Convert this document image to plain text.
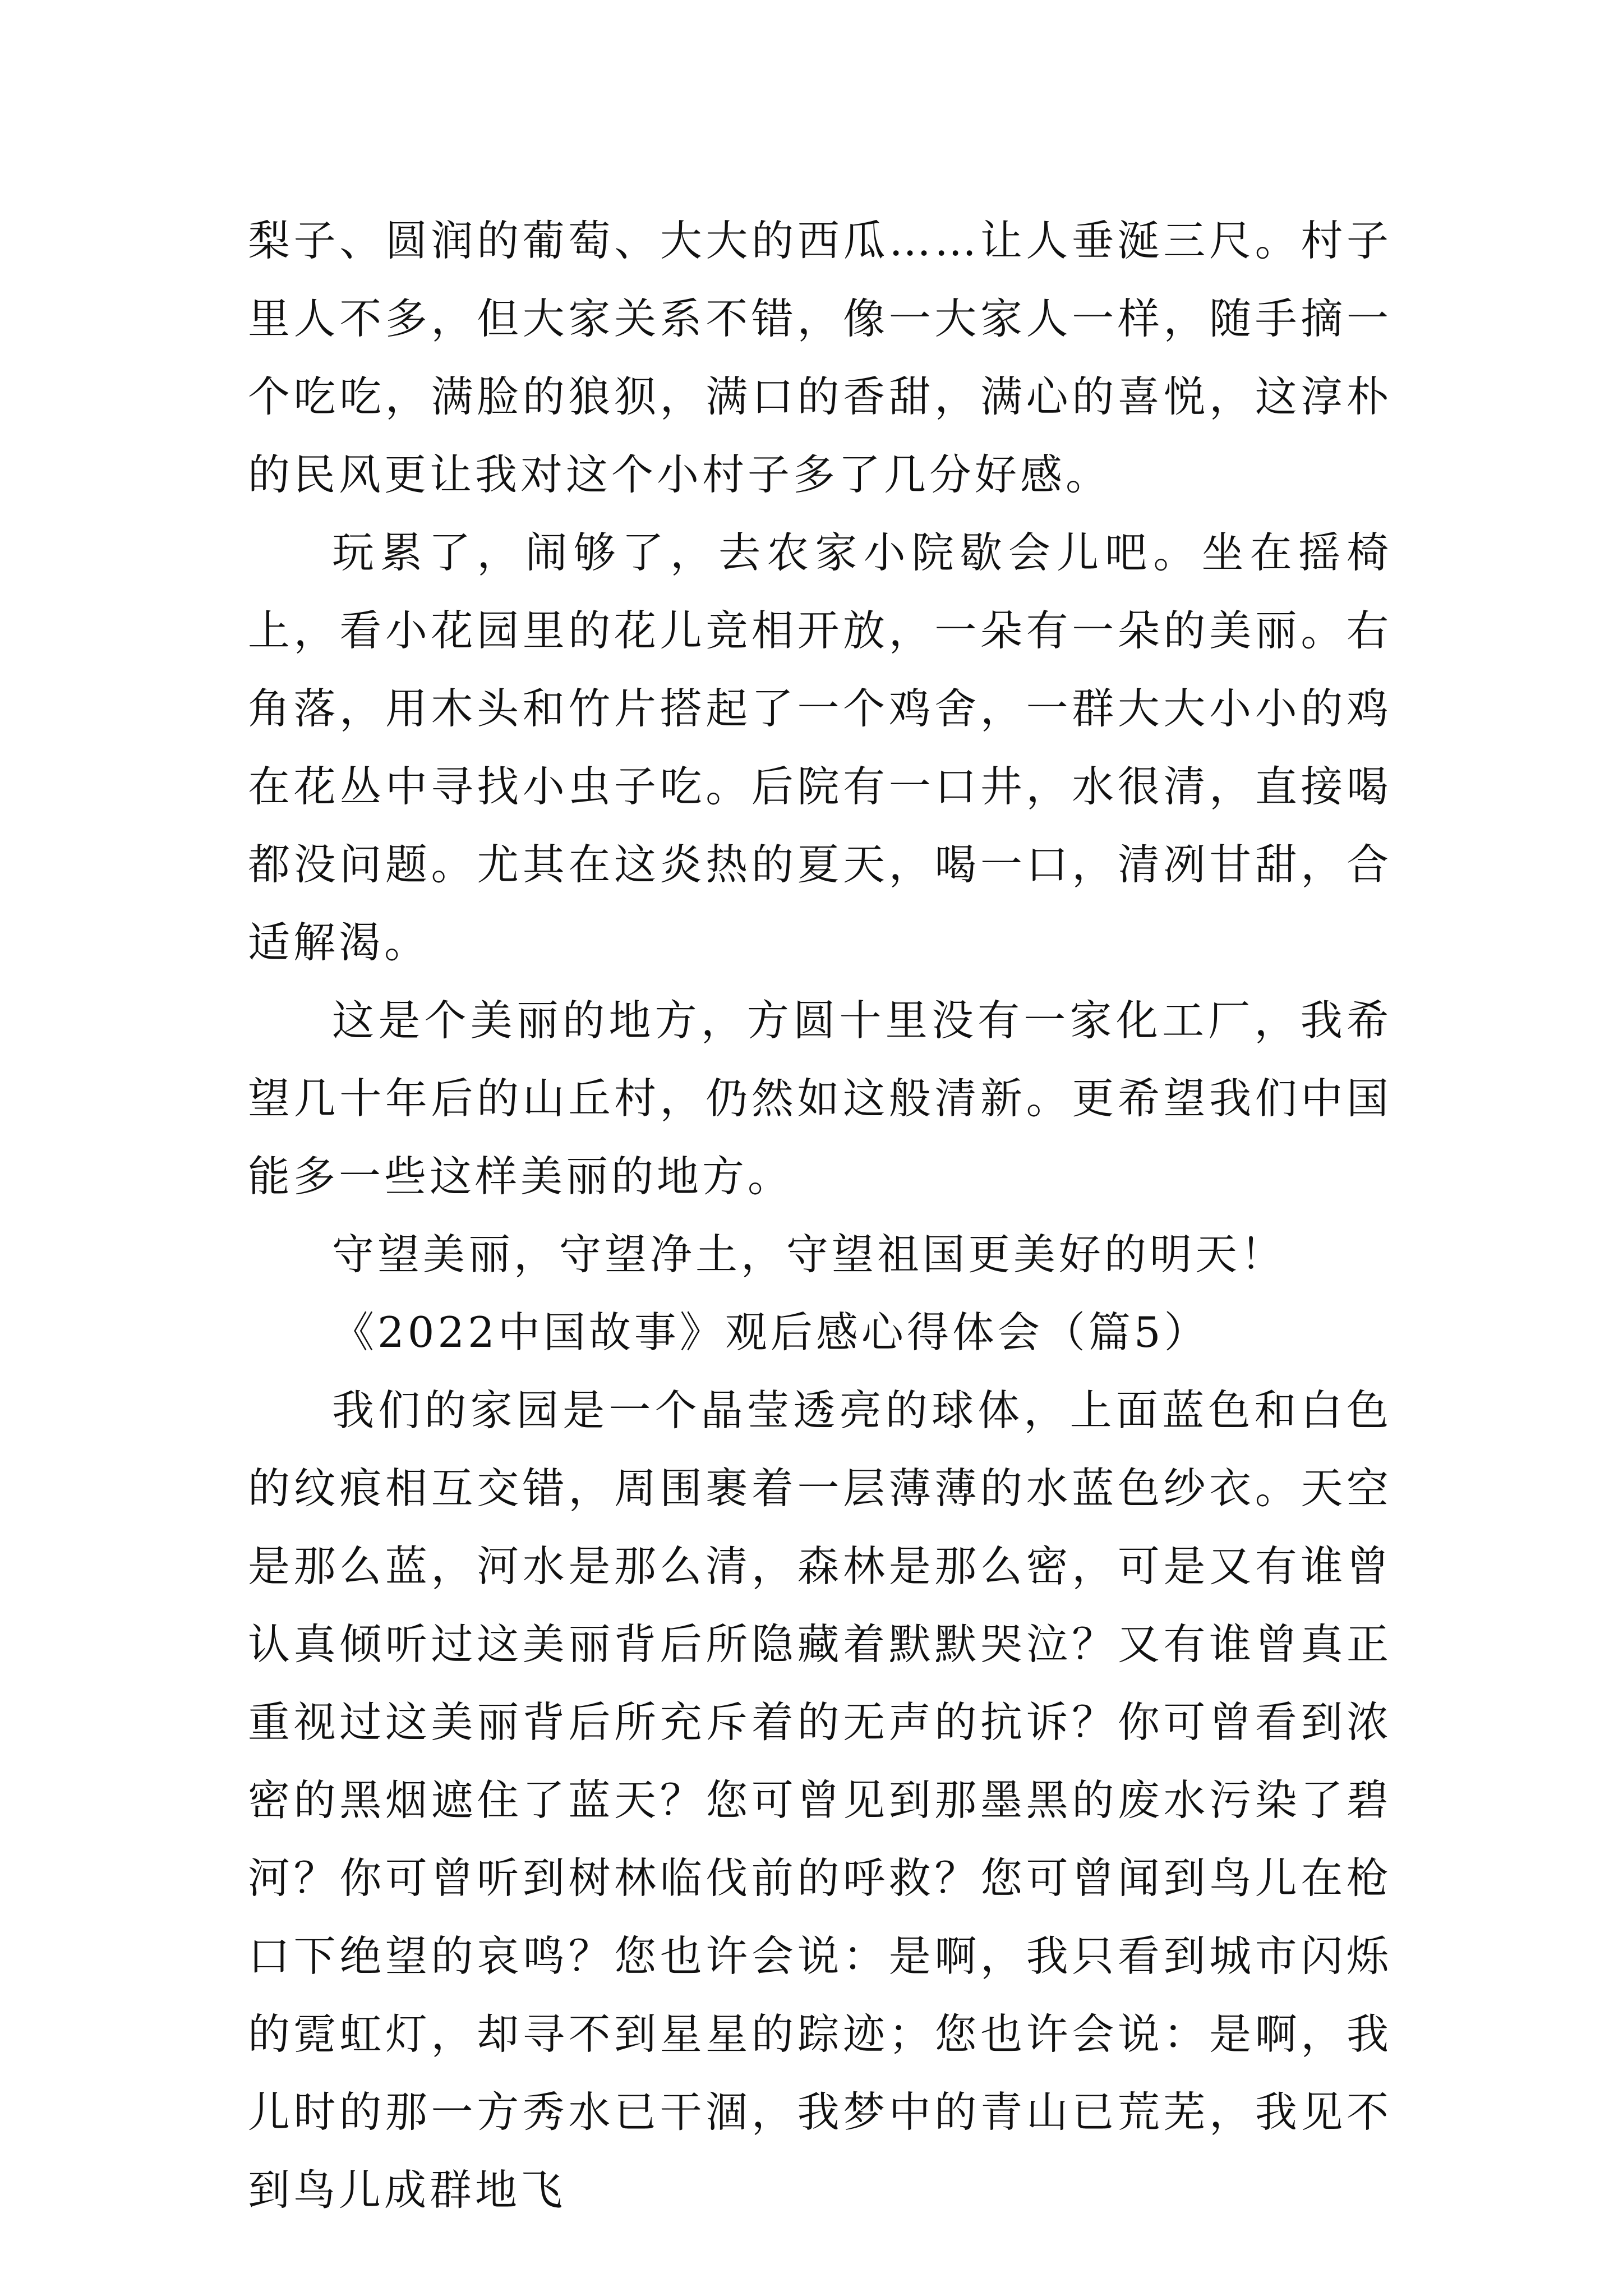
梨子、圆润的葡萄、大大的西瓜……让人垂涎三尺。村子里人不多，但大家关系不错，像一大家人一样，随手摘一个吃吃，满脸的狼狈，满口的香甜，满心的喜悦，这淳朴的民风更让我对这个小村子多了几分好感。

玩累了，闹够了，去农家小院歇会儿吧。坐在摇椅上，看小花园里的花儿竞相开放，一朵有一朵的美丽。右角落，用木头和竹片搭起了一个鸡舍，一群大大小小的鸡在花丛中寻找小虫子吃。后院有一口井，水很清，直接喝都没问题。尤其在这炎热的夏天，喝一口，清冽甘甜，合适解渴。

这是个美丽的地方，方圆十里没有一家化工厂，我希望几十年后的山丘村，仍然如这般清新。更希望我们中国能多一些这样美丽的地方。

守望美丽，守望净土，守望祖国更美好的明天！

《2022中国故事》观后感心得体会（篇5）

我们的家园是一个晶莹透亮的球体，上面蓝色和白色的纹痕相互交错，周围裹着一层薄薄的水蓝色纱衣。天空是那么蓝，河水是那么清，森林是那么密，可是又有谁曾认真倾听过这美丽背后所隐藏着默默哭泣？又有谁曾真正重视过这美丽背后所充斥着的无声的抗诉？你可曾看到浓密的黑烟遮住了蓝天？您可曾见到那墨黑的废水污染了碧河？你可曾听到树林临伐前的呼救？您可曾闻到鸟儿在枪口下绝望的哀鸣？您也许会说：是啊，我只看到城市闪烁的霓虹灯，却寻不到星星的踪迹；您也许会说：是啊，我儿时的那一方秀水已干涸，我梦中的青山已荒芜，我见不到鸟儿成群地飞
